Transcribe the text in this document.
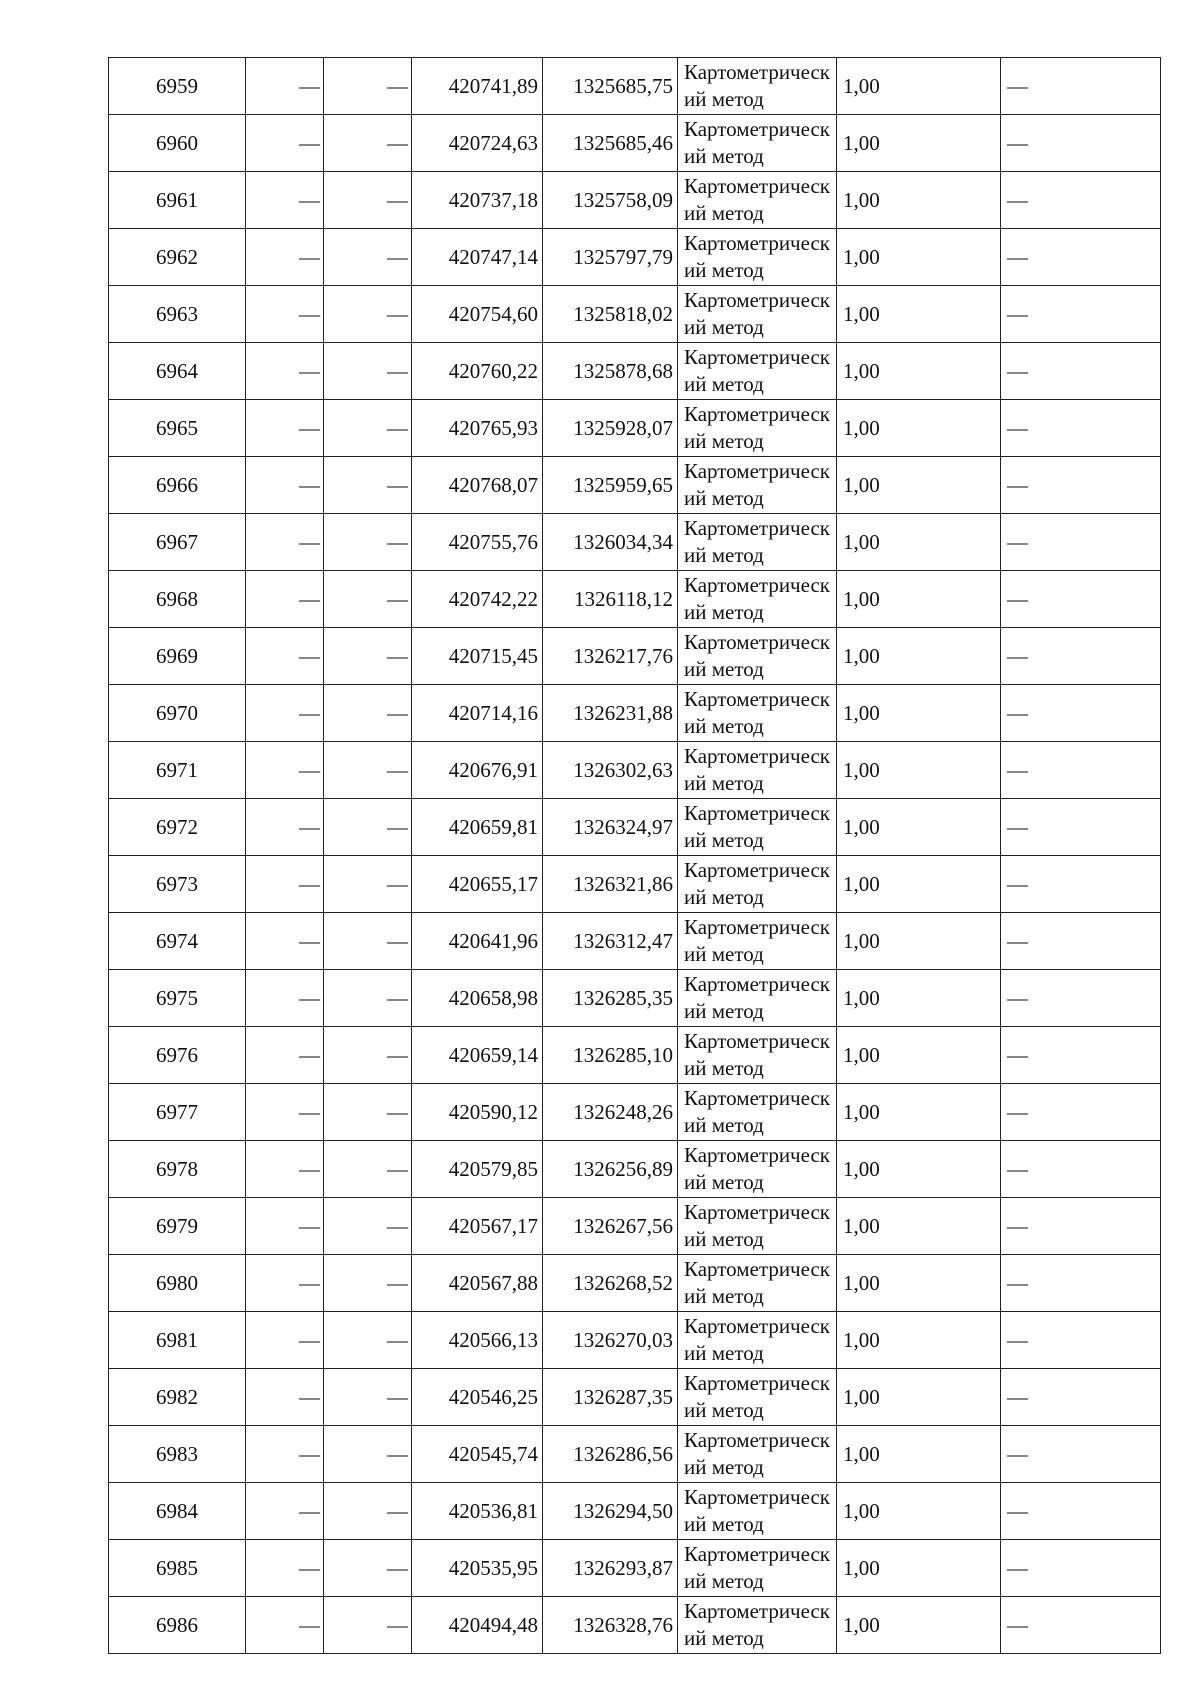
6959	—	—	420741,89	1325685,75	Картометрический метод	1,00	—
6960	—	—	420724,63	1325685,46	Картометрический метод	1,00	—
6961	—	—	420737,18	1325758,09	Картометрический метод	1,00	—
6962	—	—	420747,14	1325797,79	Картометрический метод	1,00	—
6963	—	—	420754,60	1325818,02	Картометрический метод	1,00	—
6964	—	—	420760,22	1325878,68	Картометрический метод	1,00	—
6965	—	—	420765,93	1325928,07	Картометрический метод	1,00	—
6966	—	—	420768,07	1325959,65	Картометрический метод	1,00	—
6967	—	—	420755,76	1326034,34	Картометрический метод	1,00	—
6968	—	—	420742,22	1326118,12	Картометрический метод	1,00	—
6969	—	—	420715,45	1326217,76	Картометрический метод	1,00	—
6970	—	—	420714,16	1326231,88	Картометрический метод	1,00	—
6971	—	—	420676,91	1326302,63	Картометрический метод	1,00	—
6972	—	—	420659,81	1326324,97	Картометрический метод	1,00	—
6973	—	—	420655,17	1326321,86	Картометрический метод	1,00	—
6974	—	—	420641,96	1326312,47	Картометрический метод	1,00	—
6975	—	—	420658,98	1326285,35	Картометрический метод	1,00	—
6976	—	—	420659,14	1326285,10	Картометрический метод	1,00	—
6977	—	—	420590,12	1326248,26	Картометрический метод	1,00	—
6978	—	—	420579,85	1326256,89	Картометрический метод	1,00	—
6979	—	—	420567,17	1326267,56	Картометрический метод	1,00	—
6980	—	—	420567,88	1326268,52	Картометрический метод	1,00	—
6981	—	—	420566,13	1326270,03	Картометрический метод	1,00	—
6982	—	—	420546,25	1326287,35	Картометрический метод	1,00	—
6983	—	—	420545,74	1326286,56	Картометрический метод	1,00	—
6984	—	—	420536,81	1326294,50	Картометрический метод	1,00	—
6985	—	—	420535,95	1326293,87	Картометрический метод	1,00	—
6986	—	—	420494,48	1326328,76	Картометрический метод	1,00	—
